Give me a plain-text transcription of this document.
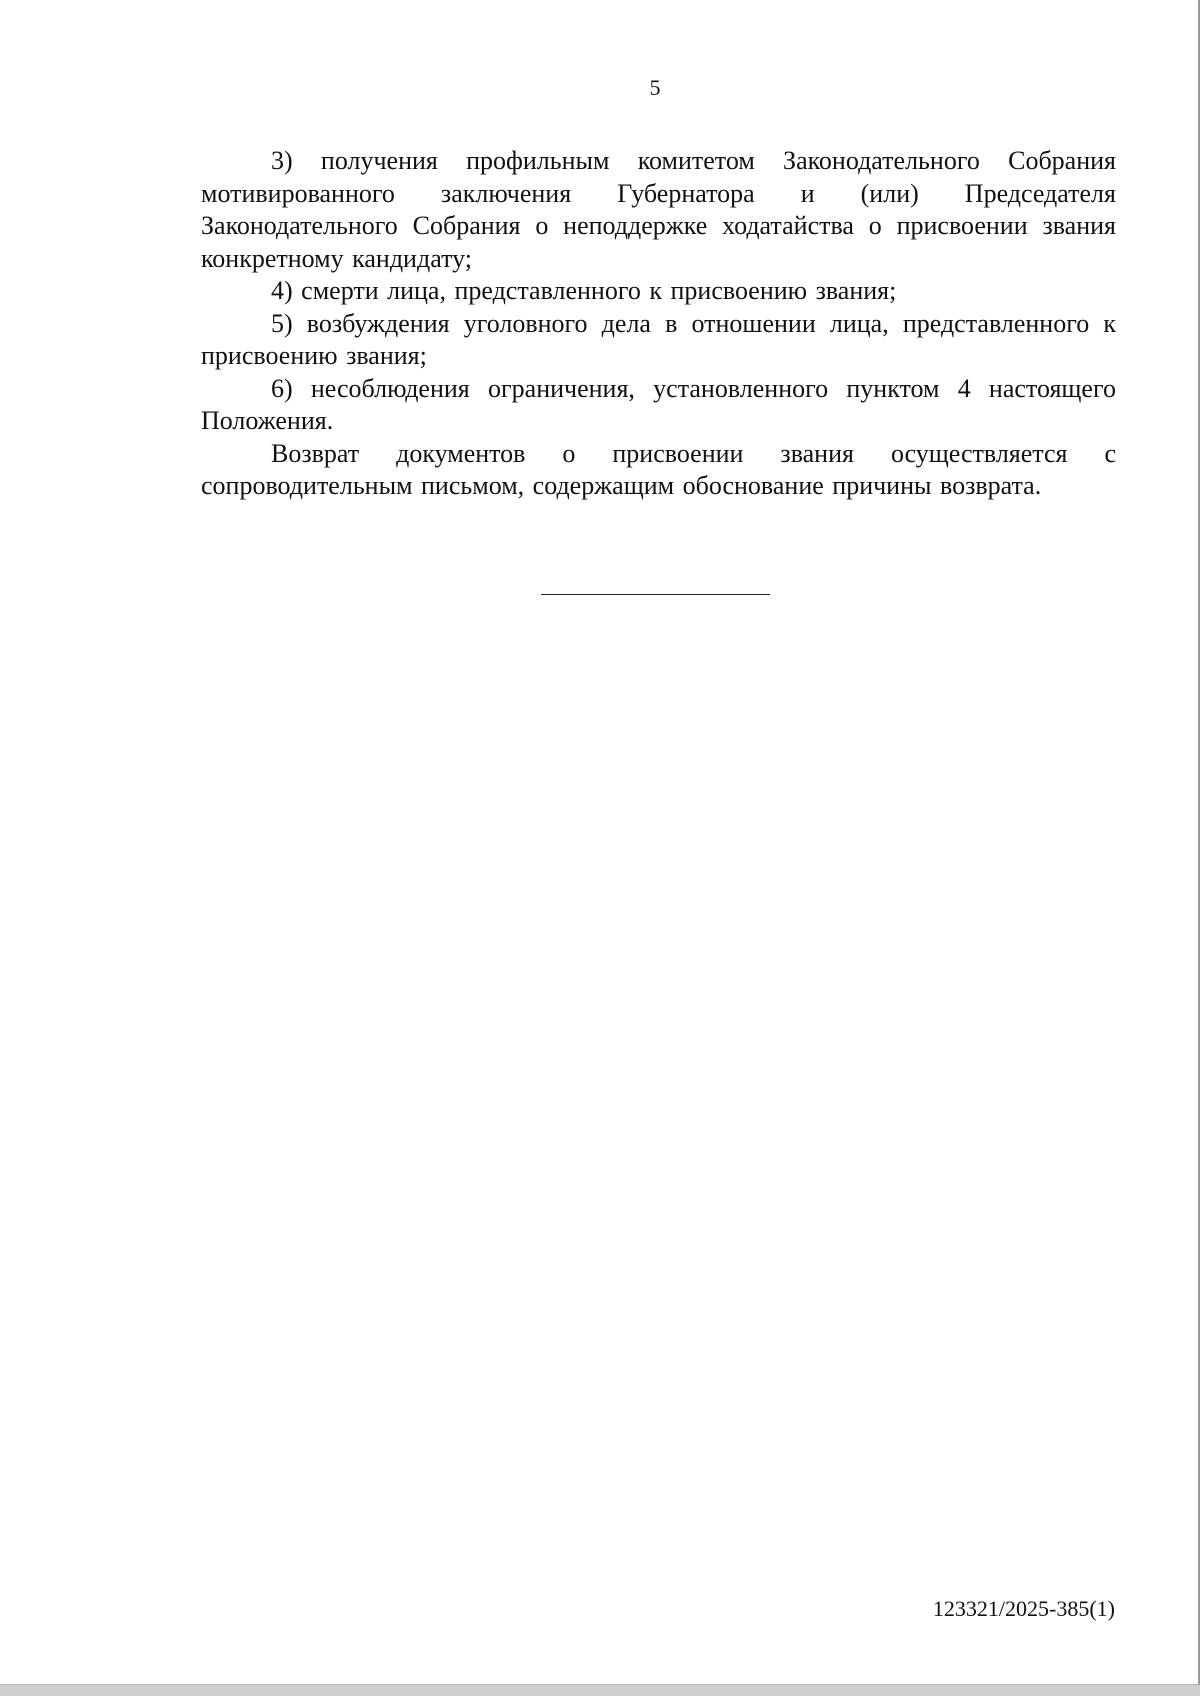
5

3) получения профильным комитетом Законодательного Собрания мотивированного заключения Губернатора и (или) Председателя Законодательного Собрания о неподдержке ходатайства о присвоении звания конкретному кандидату;

4) смерти лица, представленного к присвоению звания;

5) возбуждения уголовного дела в отношении лица, представленного к присвоению звания;

6) несоблюдения ограничения, установленного пунктом 4 настоящего Положения.

Возврат документов о присвоении звания осуществляется с сопроводительным письмом, содержащим обоснование причины возврата.

123321/2025-385(1)
